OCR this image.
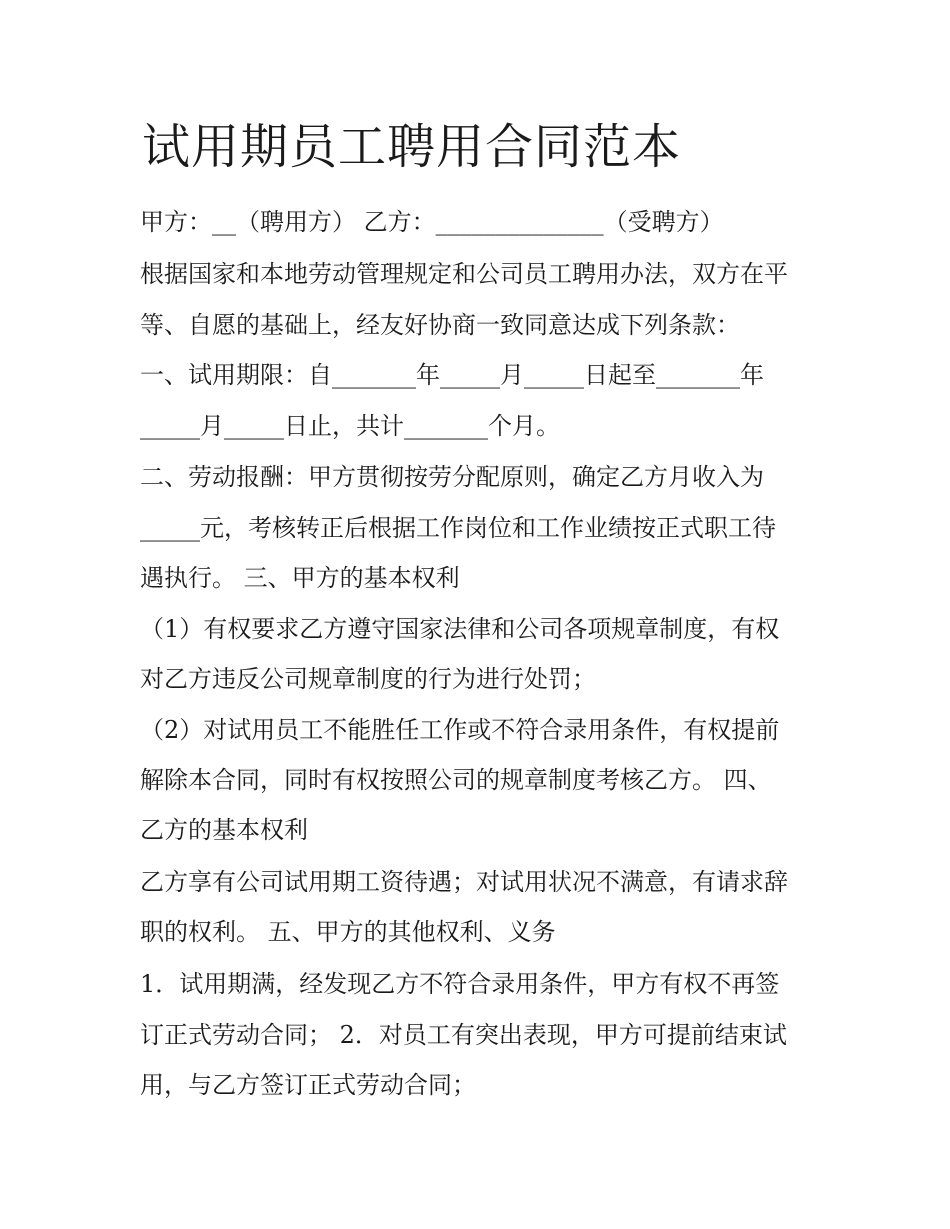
试用期员工聘用合同范本

甲方：__（聘用方） 乙方：______________（受聘方）

根据国家和本地劳动管理规定和公司员工聘用办法，双方在平

等、自愿的基础上，经友好协商一致同意达成下列条款：

一、试用期限：自_______年_____月_____日起至_______年

_____月_____日止，共计_______个月。

二、劳动报酬：甲方贯彻按劳分配原则，确定乙方月收入为

_____元，考核转正后根据工作岗位和工作业绩按正式职工待

遇执行。 三、甲方的基本权利

（1）有权要求乙方遵守国家法律和公司各项规章制度，有权

对乙方违反公司规章制度的行为进行处罚；

（2）对试用员工不能胜任工作或不符合录用条件，有权提前

解除本合同，同时有权按照公司的规章制度考核乙方。 四、

乙方的基本权利

乙方享有公司试用期工资待遇；对试用状况不满意，有请求辞

职的权利。 五、甲方的其他权利、义务

1．试用期满，经发现乙方不符合录用条件，甲方有权不再签

订正式劳动合同； 2．对员工有突出表现，甲方可提前结束试

用，与乙方签订正式劳动合同；
